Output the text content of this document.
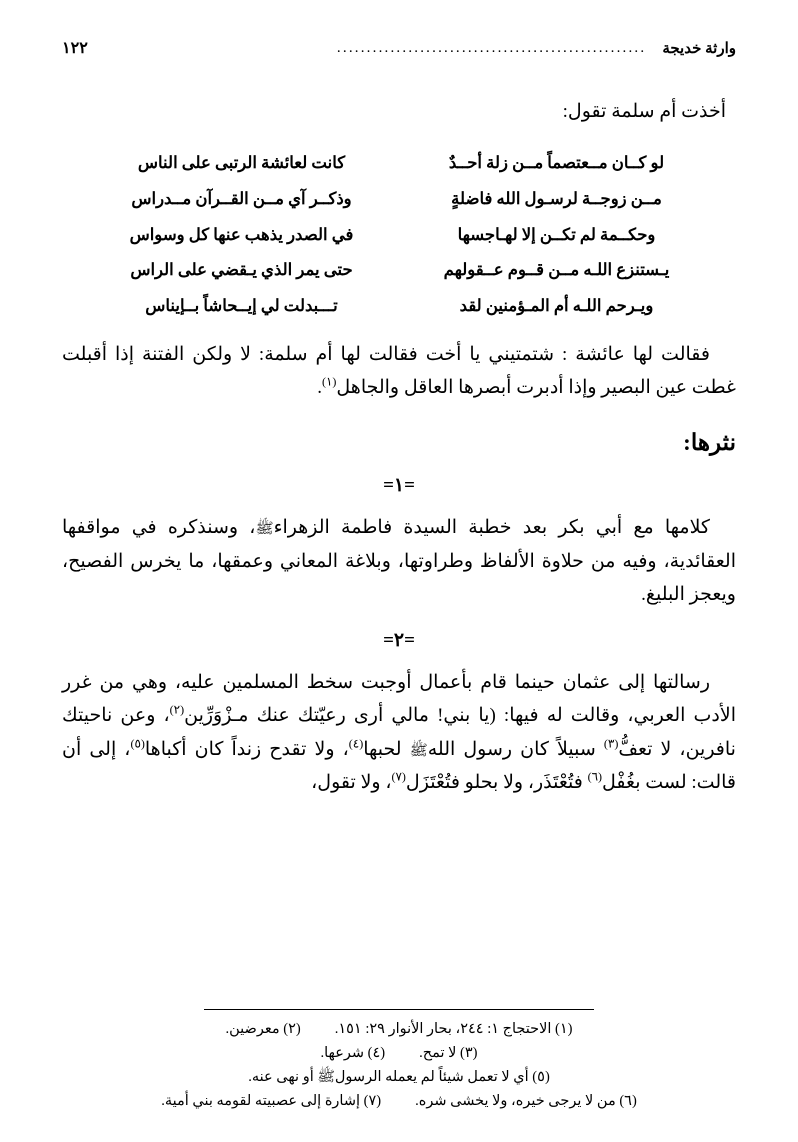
وارثة خديجة
....................................................
١٢٢
أخذت أم سلمة تقول:
لو كــان مــعتصماً مــن زلة أحــدٌ	كانت لعائشة الرتبى على الناس
مــن زوجــة لرسـول الله فاضلةٍ	وذكــر آي مــن القــرآن مــدراس
وحكــمة لم تكــن إلا لهـاجسها	في الصدر يذهب عنها كل وسواس
يـستنزع اللـه مــن قــوم عــقولهم	حتى يمر الذي يـقضي على الراس
ويـرحم اللـه أم المـؤمنين لقد	تـــبدلت لي إيــحاشاً بــإيناس

فقالت لها عائشة : شتمتيني يا أخت فقالت لها أم سلمة: لا ولكن الفتنة إذا أقبلت غطت عين البصير وإذا أدبرت أبصرها العاقل والجاهل$^{(١)}$.

نثرها:
=١=

كلامها مع أبي بكر بعد خطبة السيدة فاطمة الزهراءﷺ، وسنذكره في مواقفها العقائدية، وفيه من حلاوة الألفاظ وطراوتها، وبلاغة المعاني وعمقها، ما يخرس الفصيح، ويعجز البليغ.

=٢=

رسالتها إلى عثمان حينما قام بأعمال أوجبت سخط المسلمين عليه، وهي من غرر الأدب العربي، وقالت له فيها: (يا بني! مالي أرى رعيّتك عنك مـزْوَرِّين$^{(٢)}$، وعن ناحيتك نافرين، لا تعفُّ$^{(٣)}$ سبيلاً كان رسول اللهﷺ لحبها$^{(٤)}$، ولا تقدح زنداً كان أكباها$^{(٥)}$، إلى أن قالت: لست بغُفْل$^{(٦)}$ فتُعْتَذَر، ولا بحلو فتُعْتَزَل$^{(٧)}$، ولا تقول،

(١) الاحتجاج ١: ٢٤٤، بحار الأنوار ٢٩: ١٥١.
(٢) معرضين.
(٣) لا تمح.
(٤) شرعها.
(٥) أي لا تعمل شيئاً لم يعمله الرسولﷺ أو نهى عنه.
(٦) من لا يرجى خيره، ولا يخشى شره.
(٧) إشارة إلى عصبيته لقومه بني أمية.
